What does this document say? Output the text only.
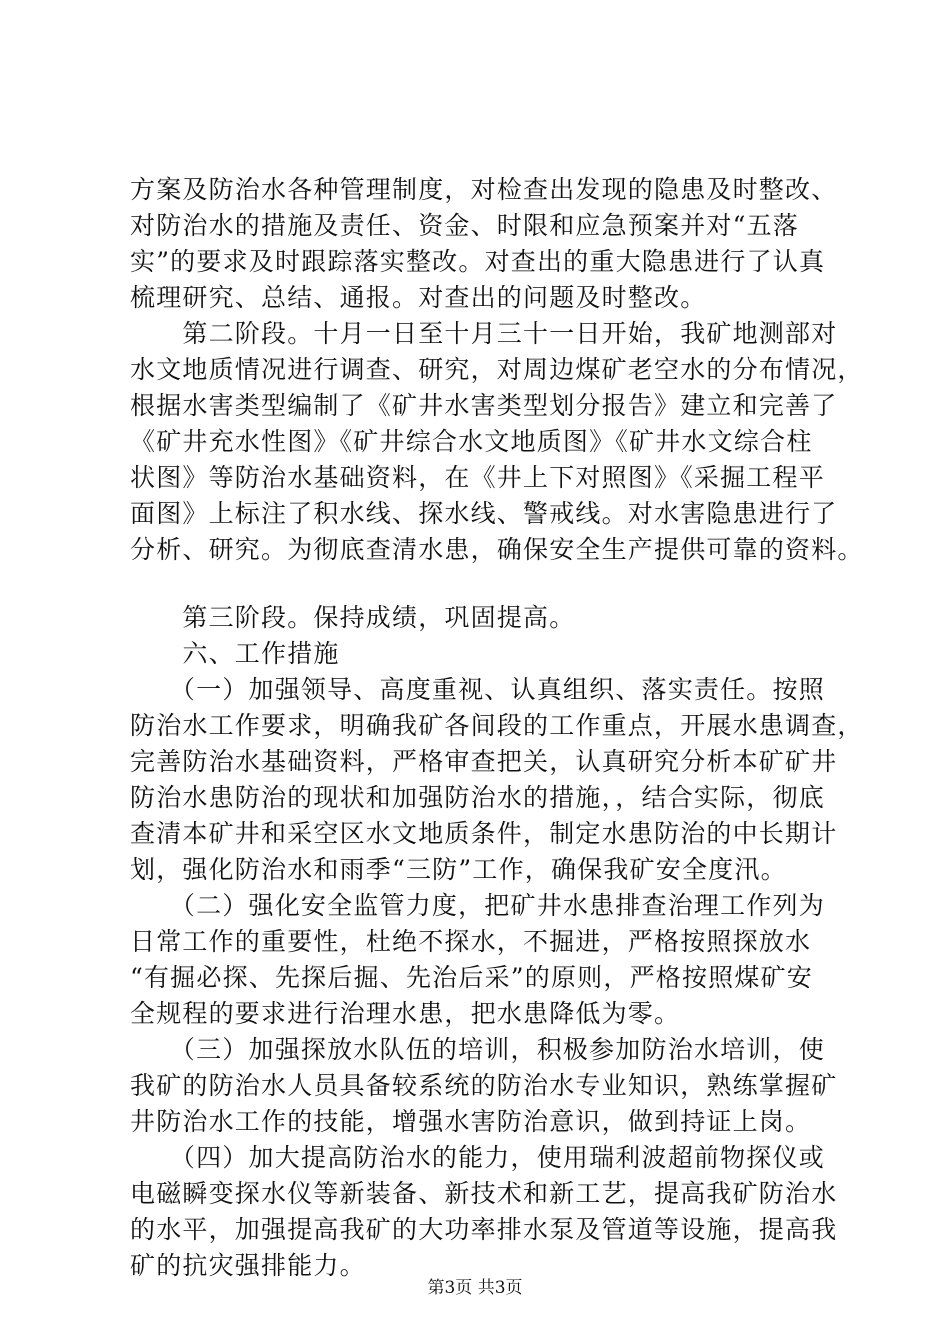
方案及防治水各种管理制度，对检查出发现的隐患及时整改、
对防治水的措施及责任、资金、时限和应急预案并对“五落
实”的要求及时跟踪落实整改。对查出的重大隐患进行了认真
梳理研究、总结、通报。对查出的问题及时整改。
　　第二阶段。十月一日至十月三十一日开始，我矿地测部对
水文地质情况进行调查、研究，对周边煤矿老空水的分布情况，
根据水害类型编制了《矿井水害类型划分报告》建立和完善了
《矿井充水性图》《矿井综合水文地质图》《矿井水文综合柱
状图》等防治水基础资料，在《井上下对照图》《采掘工程平
面图》上标注了积水线、探水线、警戒线。对水害隐患进行了
分析、研究。为彻底查清水患，确保安全生产提供可靠的资料。
　　第三阶段。保持成绩，巩固提高。
　　六、工作措施
　　（一）加强领导、高度重视、认真组织、落实责任。按照
防治水工作要求，明确我矿各间段的工作重点，开展水患调查，
完善防治水基础资料，严格审查把关，认真研究分析本矿矿井
防治水患防治的现状和加强防治水的措施，，结合实际，彻底
查清本矿井和采空区水文地质条件，制定水患防治的中长期计
划，强化防治水和雨季“三防”工作，确保我矿安全度汛。
　　（二）强化安全监管力度，把矿井水患排查治理工作列为
日常工作的重要性，杜绝不探水，不掘进，严格按照探放水
“有掘必探、先探后掘、先治后采”的原则，严格按照煤矿安
全规程的要求进行治理水患，把水患降低为零。
　　（三）加强探放水队伍的培训，积极参加防治水培训，使
我矿的防治水人员具备较系统的防治水专业知识，熟练掌握矿
井防治水工作的技能，增强水害防治意识，做到持证上岗。
　　（四）加大提高防治水的能力，使用瑞利波超前物探仪或
电磁瞬变探水仪等新装备、新技术和新工艺，提高我矿防治水
的水平，加强提高我矿的大功率排水泵及管道等设施，提高我
矿的抗灾强排能力。
第3页 共3页
